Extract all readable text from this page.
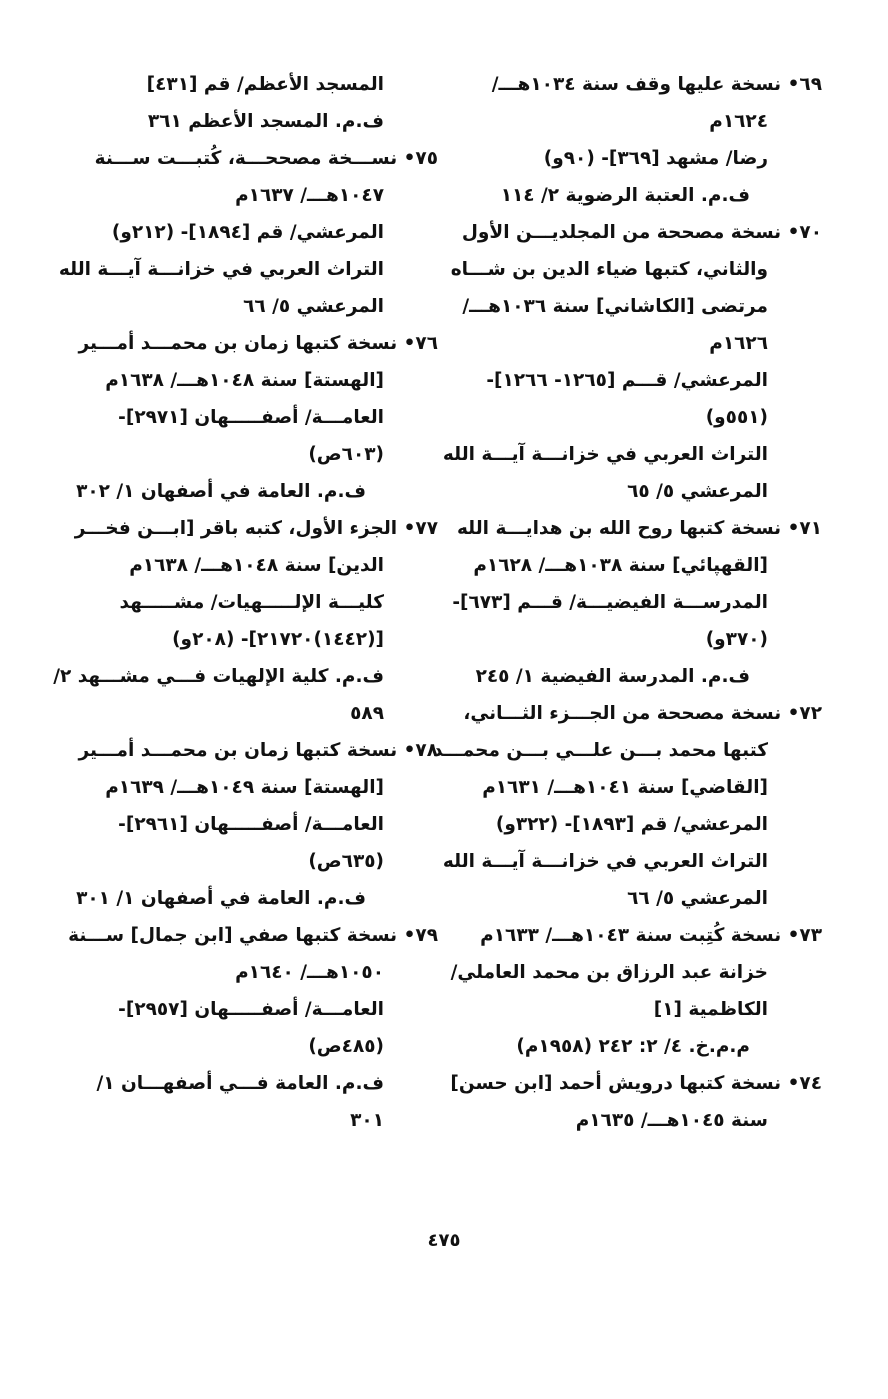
٦٩• نسخة عليها وقف سنة ١٠٣٤هـــ/
١٦٢٤م
رضا/ مشهد [٣٦٩]- (٩٠و)
ف.م. العتبة الرضوية ٢/ ١١٤
٧٠• نسخة مصححة من المجلديـــن الأول
والثاني، كتبها ضياء الدين بن شـــاه
مرتضى [الكاشاني] سنة ١٠٣٦هـــ/
١٦٢٦م
المرعشي/ قـــم [١٢٦٥- ١٢٦٦]-
(٥٥١و)
التراث العربي في خزانـــة آيـــة الله
المرعشي ٥/ ٦٥
٧١• نسخة كتبها روح الله بن هدايـــة الله
[القهپائي] سنة ١٠٣٨هـــ/ ١٦٢٨م
المدرســـة الفيضيـــة/ قـــم [٦٧٣]-
(٣٧٠و)
ف.م. المدرسة الفيضية ١/ ٢٤٥
٧٢• نسخة مصححة من الجـــزء الثـــاني،
كتبها محمد بـــن علـــي بـــن محمـــد
[القاضي] سنة ١٠٤١هـــ/ ١٦٣١م
المرعشي/ قم [١٨٩٣]- (٣٢٢و)
التراث العربي في خزانـــة آيـــة الله
المرعشي ٥/ ٦٦
٧٣• نسخة كُتِبت سنة ١٠٤٣هـــ/ ١٦٣٣م
خزانة عبد الرزاق بن محمد العاملي/
الكاظمية [١]
م.م.خ. ٤/ ٢: ٢٤٢ (١٩٥٨م)
٧٤• نسخة كتبها درويش أحمد [ابن حسن]
سنة ١٠٤٥هـــ/ ١٦٣٥م
المسجد الأعظم/ قم [٤٣١]
ف.م. المسجد الأعظم ٣٦١
٧٥• نســـخة مصححـــة، كُتبـــت ســـنة
١٠٤٧هـــ/ ١٦٣٧م
المرعشي/ قم [١٨٩٤]- (٢١٢و)
التراث العربي في خزانـــة آيـــة الله
المرعشي ٥/ ٦٦
٧٦• نسخة كتبها زمان بن محمـــد أمـــير
[الهستة] سنة ١٠٤٨هـــ/ ١٦٣٨م
العامـــة/ أصفـــــهان [٢٩٧١]-
(٦٠٣ص)
ف.م. العامة في أصفهان ١/ ٣٠٢
٧٧• الجزء الأول، كتبه باقر [ابـــن فخـــر
الدين] سنة ١٠٤٨هـــ/ ١٦٣٨م
كليـــة الإلـــــهيات/ مشـــــهد
[(١٤٤٢)٢١٧٢٠]- (٢٠٨و)
ف.م. كلية الإلهيات فـــي مشـــهد ٢/
٥٨٩
٧٨• نسخة كتبها زمان بن محمـــد أمـــير
[الهستة] سنة ١٠٤٩هـــ/ ١٦٣٩م
العامـــة/ أصفـــــهان [٢٩٦١]-
(٦٣٥ص)
ف.م. العامة في أصفهان ١/ ٣٠١
٧٩• نسخة كتبها صفي [ابن جمال] ســـنة
١٠٥٠هـــ/ ١٦٤٠م
العامـــة/ أصفـــــهان [٢٩٥٧]-
(٤٨٥ص)
ف.م. العامة فـــي أصفهـــان ١/
٣٠١
٤٧٥
